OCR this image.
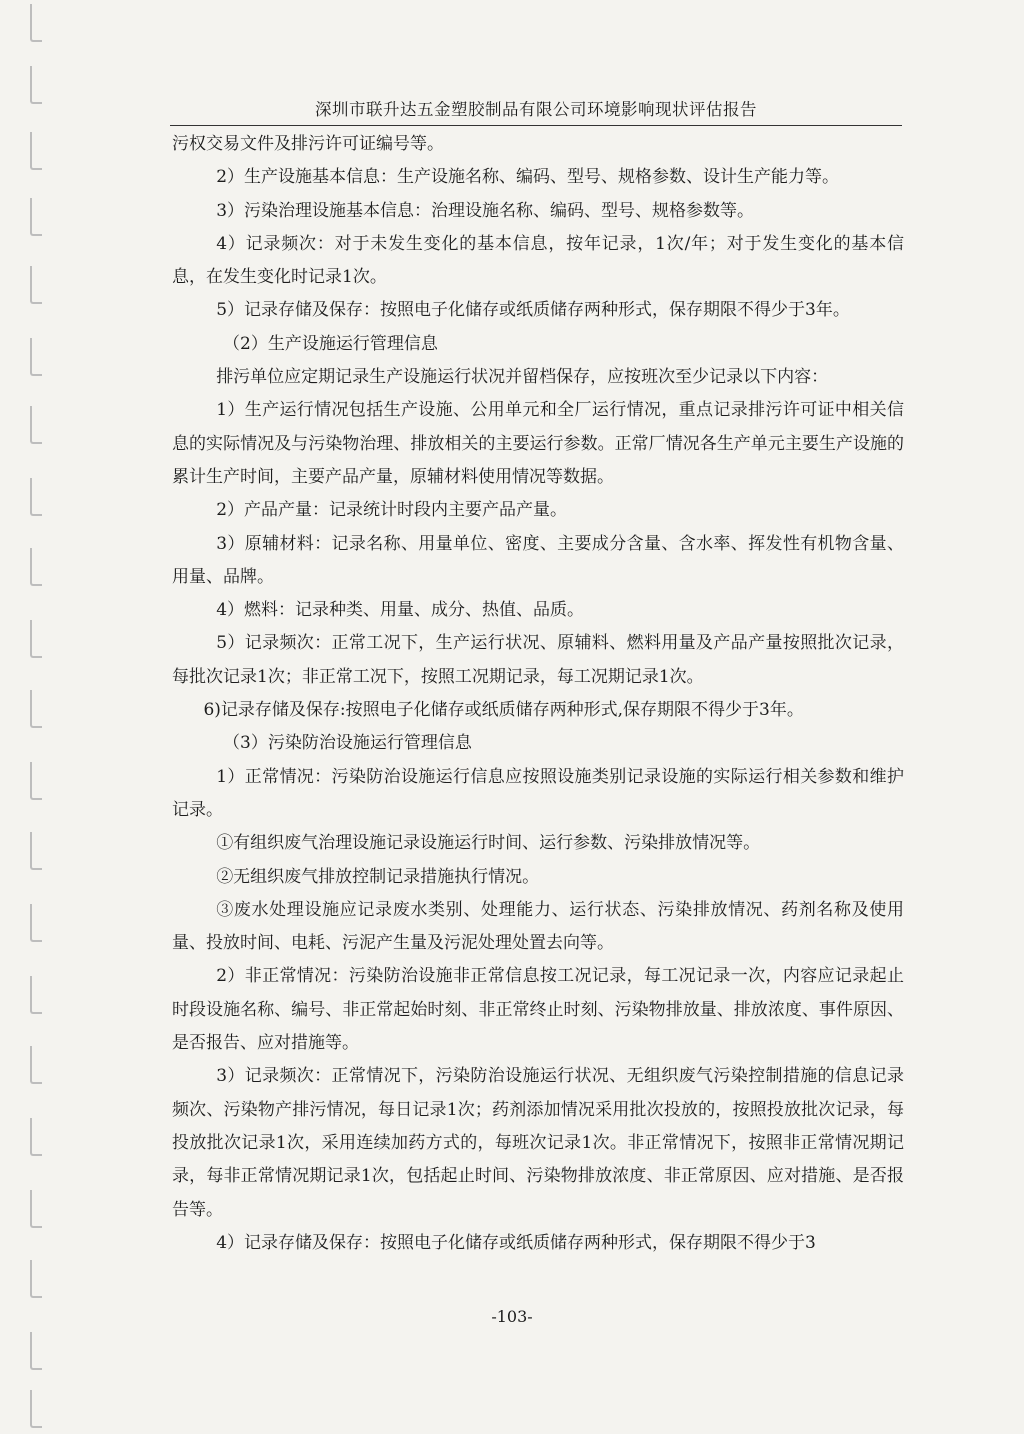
深圳市联升达五金塑胶制品有限公司环境影响现状评估报告

污权交易文件及排污许可证编号等。

2）生产设施基本信息：生产设施名称、编码、型号、规格参数、设计生产能力等。

3）污染治理设施基本信息：治理设施名称、编码、型号、规格参数等。

4）记录频次：对于未发生变化的基本信息，按年记录，1次/年；对于发生变化的基本信息，在发生变化时记录1次。

5）记录存储及保存：按照电子化储存或纸质储存两种形式，保存期限不得少于3年。

（2）生产设施运行管理信息

排污单位应定期记录生产设施运行状况并留档保存，应按班次至少记录以下内容：

1）生产运行情况包括生产设施、公用单元和全厂运行情况，重点记录排污许可证中相关信息的实际情况及与污染物治理、排放相关的主要运行参数。正常厂情况各生产单元主要生产设施的累计生产时间，主要产品产量，原辅材料使用情况等数据。

2）产品产量：记录统计时段内主要产品产量。

3）原辅材料：记录名称、用量单位、密度、主要成分含量、含水率、挥发性有机物含量、用量、品牌。

4）燃料：记录种类、用量、成分、热值、品质。

5）记录频次：正常工况下，生产运行状况、原辅料、燃料用量及产品产量按照批次记录，每批次记录1次；非正常工况下，按照工况期记录，每工况期记录1次。

6)记录存储及保存:按照电子化储存或纸质储存两种形式,保存期限不得少于3年。

（3）污染防治设施运行管理信息

1）正常情况：污染防治设施运行信息应按照设施类别记录设施的实际运行相关参数和维护记录。

①有组织废气治理设施记录设施运行时间、运行参数、污染排放情况等。

②无组织废气排放控制记录措施执行情况。

③废水处理设施应记录废水类别、处理能力、运行状态、污染排放情况、药剂名称及使用量、投放时间、电耗、污泥产生量及污泥处理处置去向等。

2）非正常情况：污染防治设施非正常信息按工况记录，每工况记录一次，内容应记录起止时段设施名称、编号、非正常起始时刻、非正常终止时刻、污染物排放量、排放浓度、事件原因、是否报告、应对措施等。

3）记录频次：正常情况下，污染防治设施运行状况、无组织废气污染控制措施的信息记录频次、污染物产排污情况，每日记录1次；药剂添加情况采用批次投放的，按照投放批次记录，每投放批次记录1次，采用连续加药方式的，每班次记录1次。非正常情况下，按照非正常情况期记录，每非正常情况期记录1次，包括起止时间、污染物排放浓度、非正常原因、应对措施、是否报告等。

4）记录存储及保存：按照电子化储存或纸质储存两种形式，保存期限不得少于3

-103-
